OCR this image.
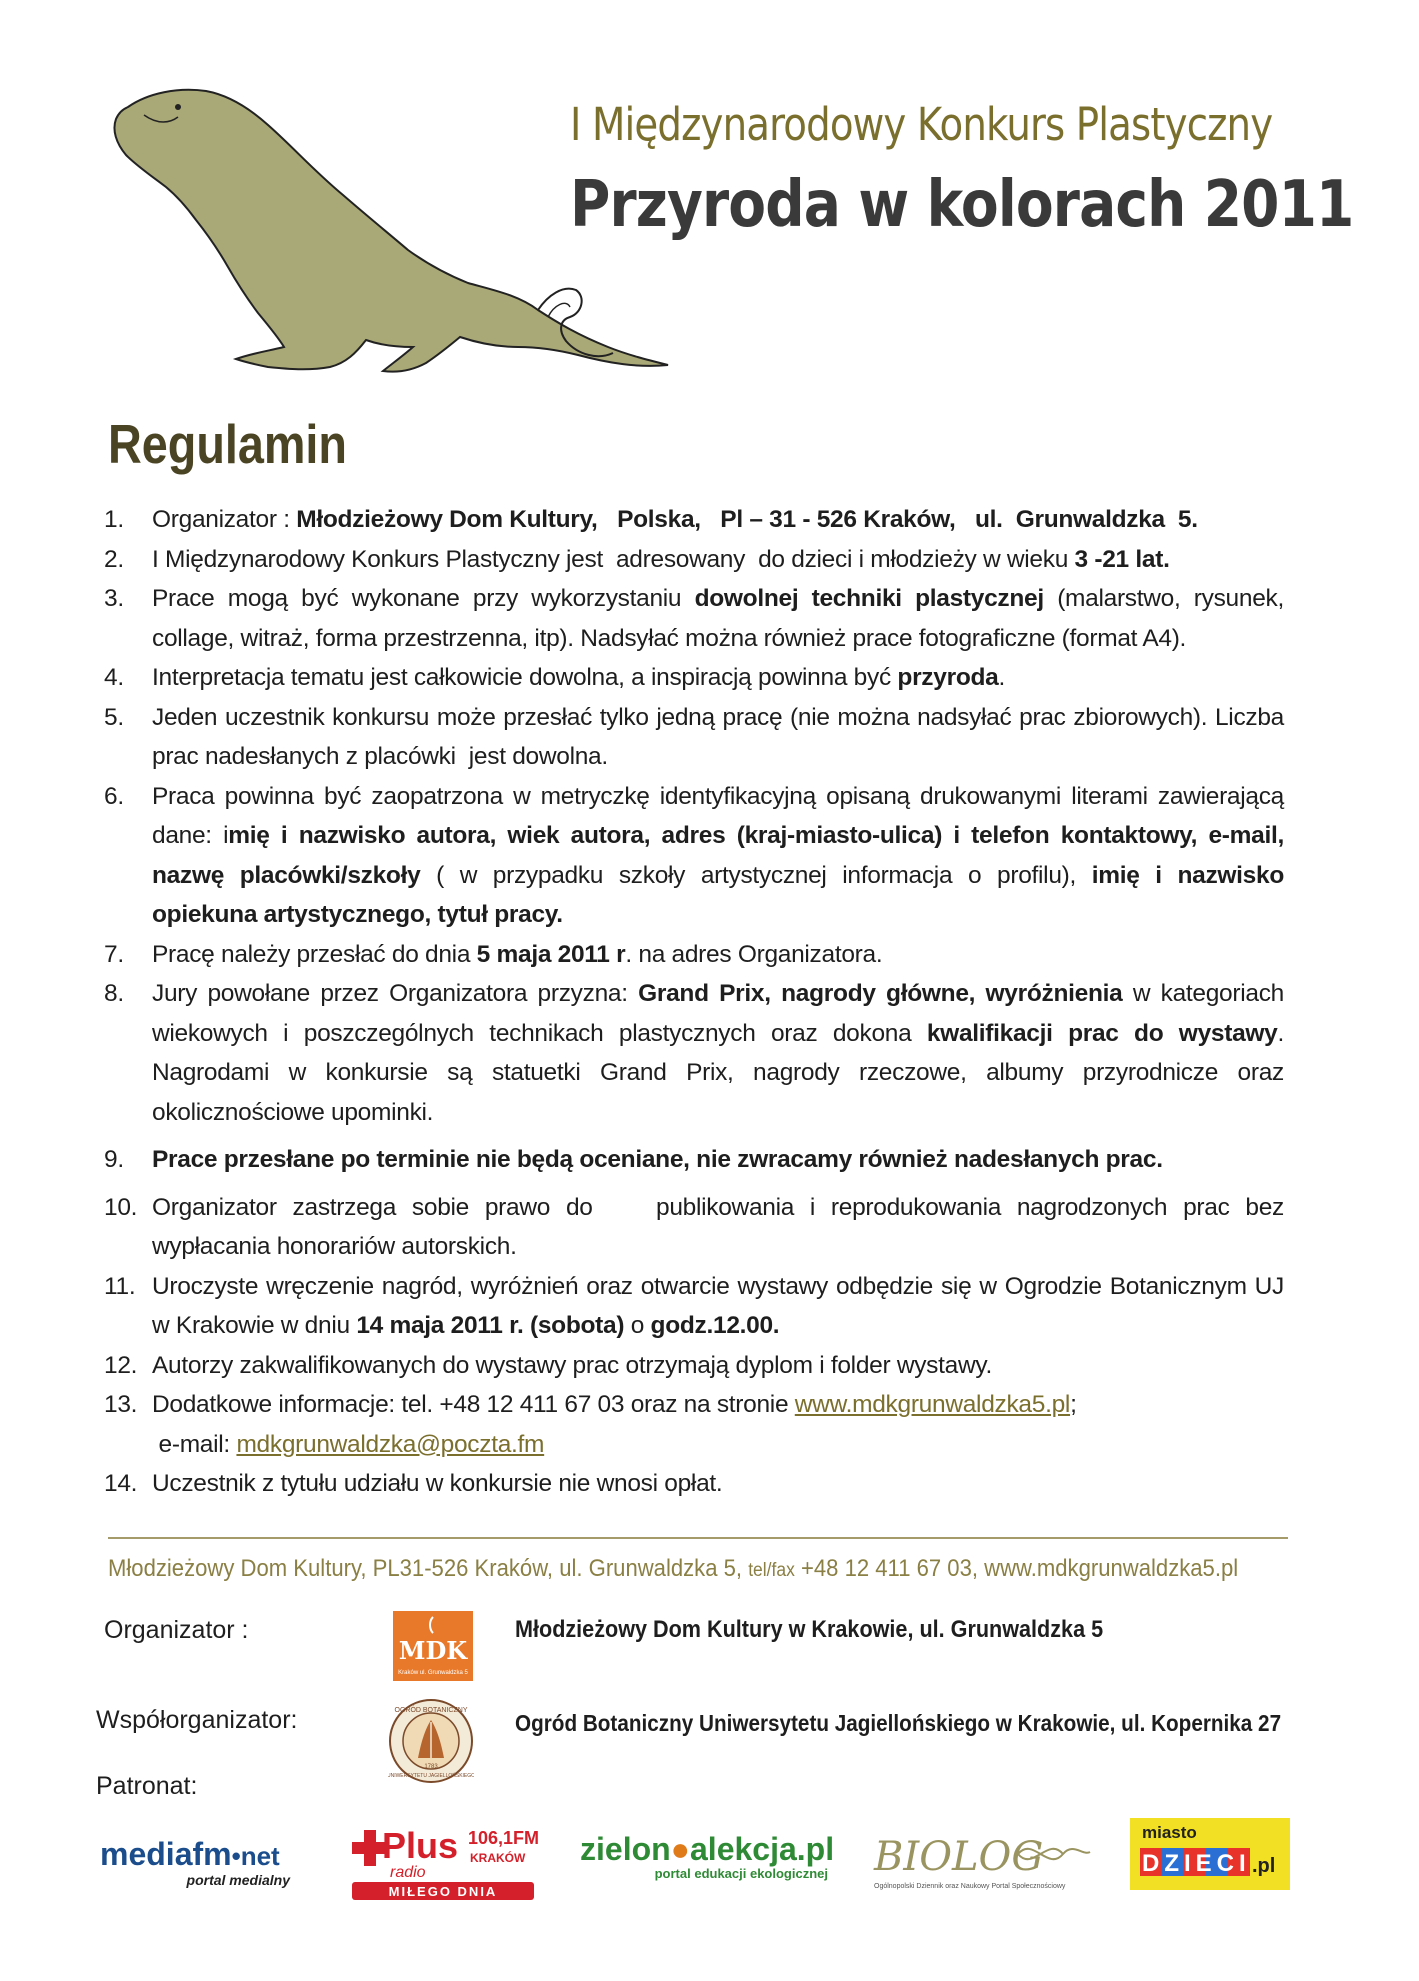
I Międzynarodowy Konkurs Plastyczny
Przyroda w kolorach 2011
Regulamin
1.	Organizator : Młodzieżowy Dom Kultury,   Polska,   Pl – 31 - 526 Kraków,   ul.  Grunwaldzka  5.
2.	I Międzynarodowy Konkurs Plastyczny jest  adresowany  do dzieci i młodzieży w wieku 3 -21 lat.
3.	Prace mogą być wykonane przy wykorzystaniu dowolnej techniki plastycznej (malarstwo, rysunek, collage, witraż, forma przestrzenna, itp). Nadsyłać można również prace fotograficzne (format A4).
4.	Interpretacja tematu jest całkowicie dowolna, a inspiracją powinna być przyroda.
5.	Jeden uczestnik konkursu może przesłać tylko jedną pracę (nie można nadsyłać prac zbiorowych). Liczba prac nadesłanych z placówki  jest dowolna.
6.	Praca powinna być zaopatrzona w metryczkę identyfikacyjną opisaną drukowanymi literami zawierającą dane: imię i nazwisko autora, wiek autora, adres (kraj-miasto-ulica) i telefon kontaktowy, e-mail, nazwę placówki/szkoły ( w przypadku szkoły artystycznej informacja o profilu), imię i nazwisko opiekuna artystycznego, tytuł pracy.
7.	Pracę należy przesłać do dnia 5 maja 2011 r. na adres Organizatora.
8.	Jury powołane przez Organizatora przyzna: Grand Prix, nagrody główne, wyróżnienia w kategoriach wiekowych i poszczególnych technikach plastycznych oraz dokona kwalifikacji prac do wystawy. Nagrodami w konkursie są statuetki Grand Prix, nagrody rzeczowe, albumy przyrodnicze oraz okolicznościowe upominki.
9.	Prace przesłane po terminie nie będą oceniane, nie zwracamy również nadesłanych prac.
10. Organizator zastrzega sobie prawo do    publikowania i reprodukowania nagrodzonych prac bez wypłacania honorariów autorskich.
11. Uroczyste wręczenie nagród, wyróżnień oraz otwarcie wystawy odbędzie się w Ogrodzie Botanicznym UJ w Krakowie w dniu 14 maja 2011 r. (sobota) o godz.12.00.
12. Autorzy zakwalifikowanych do wystawy prac otrzymają dyplom i folder wystawy.
13. Dodatkowe informacje: tel. +48 12 411 67 03 oraz na stronie www.mdkgrunwaldzka5.pl;
e-mail: mdkgrunwaldzka@poczta.fm
14. Uczestnik z tytułu udziału w konkursie nie wnosi opłat.
Młodzieżowy Dom Kultury, PL31-526 Kraków, ul. Grunwaldzka 5, tel/fax +48 12 411 67 03, www.mdkgrunwaldzka5.pl
Organizator :
MDK
Kraków ul. Grunwaldzka 5
Młodzieżowy Dom Kultury w Krakowie, ul. Grunwaldzka 5
Współorganizator:	OGRÓD BOTANICZNY
UNIWERSYTETU JAGIELLOŃSKIEGO
1783
Ogród Botaniczny Uniwersytetu Jagiellońskiego w Krakowie, ul. Kopernika 27
Patronat:
mediafm•net
portal medialny
Plus
radio
106,1FM
KRAKÓW
MIŁEGO DNIA
zielon●alekcja.pl
portal edukacji ekologicznej BIOLOG
Ogólnopolski Dziennik oraz Naukowy Portal Społecznościowy
miasto
DZIECI .pl
